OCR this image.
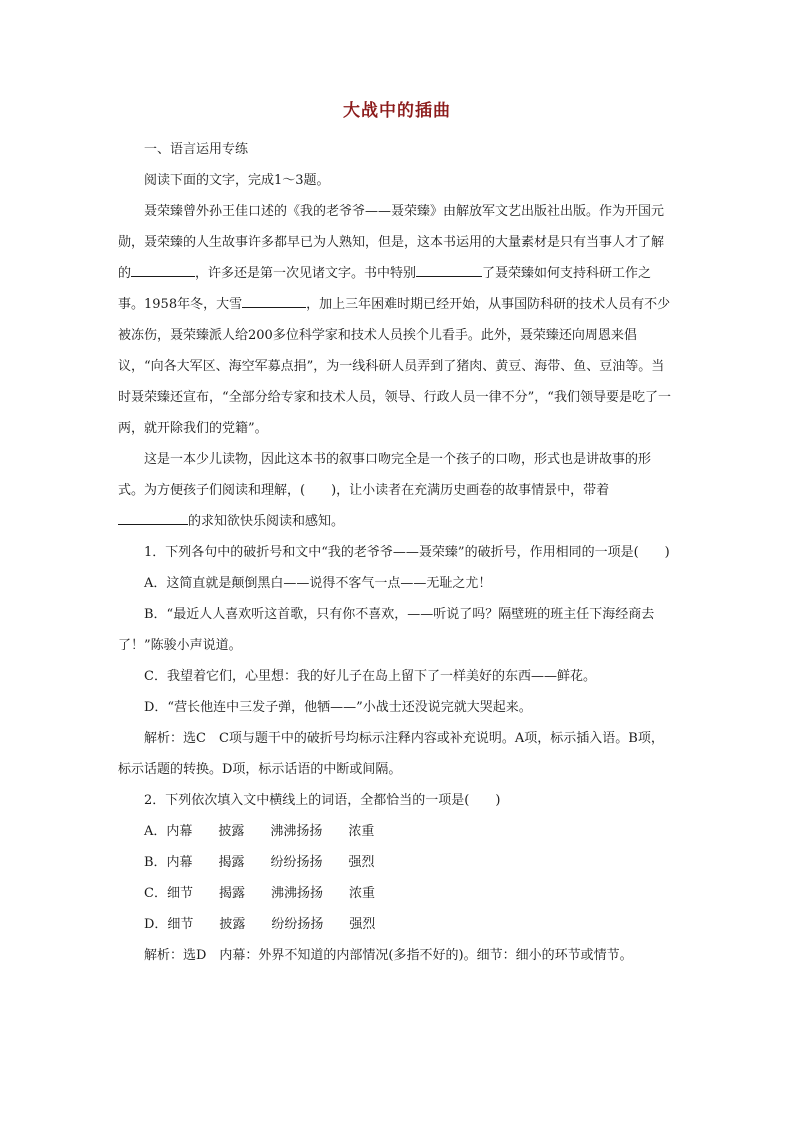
大战中的插曲

一、语言运用专练

阅读下面的文字，完成1～3题。

聂荣臻曾外孙王佳口述的《我的老爷爷——聂荣臻》由解放军文艺出版社出版。作为开国元勋，聂荣臻的人生故事许多都早已为人熟知，但是，这本书运用的大量素材是只有当事人才了解的	，许多还是第一次见诸文字。书中特别	了聂荣臻如何支持科研工作之事。1958年冬，大雪	，加上三年困难时期已经开始，从事国防科研的技术人员有不少被冻伤，聂荣臻派人给200多位科学家和技术人员挨个儿看手。此外，聂荣臻还向周恩来倡议，“向各大军区、海空军募点捐”，为一线科研人员弄到了猪肉、黄豆、海带、鱼、豆油等。当时聂荣臻还宣布，“全部分给专家和技术人员，领导、行政人员一律不分”，“我们领导要是吃了一两，就开除我们的党籍”。

这是一本少儿读物，因此这本书的叙事口吻完全是一个孩子的口吻，形式也是讲故事的形式。为方便孩子们阅读和理解，(　　)，让小读者在充满历史画卷的故事情景中，带着的求知欲快乐阅读和感知。

1．下列各句中的破折号和文中“我的老爷爷——聂荣臻”的破折号，作用相同的一项是(　　)

A．这简直就是颠倒黑白——说得不客气一点——无耻之尤！

B．“最近人人喜欢听这首歌，只有你不喜欢，——听说了吗？隔壁班的班主任下海经商去了！”陈骏小声说道。

C．我望着它们，心里想：我的好儿子在岛上留下了一样美好的东西——鲜花。

D．“营长他连中三发子弹，他牺——”小战士还没说完就大哭起来。

解析：选C　C项与题干中的破折号均标示注释内容或补充说明。A项，标示插入语。B项，标示话题的转换。D项，标示话语的中断或间隔。

2．下列依次填入文中横线上的词语，全都恰当的一项是(　　)

A．内幕　　披露　　沸沸扬扬　　浓重

B．内幕　　揭露　　纷纷扬扬　　强烈

C．细节　　揭露　　沸沸扬扬　　浓重

D．细节　　披露　　纷纷扬扬　　强烈

解析：选D　内幕：外界不知道的内部情况(多指不好的)。细节：细小的环节或情节。
